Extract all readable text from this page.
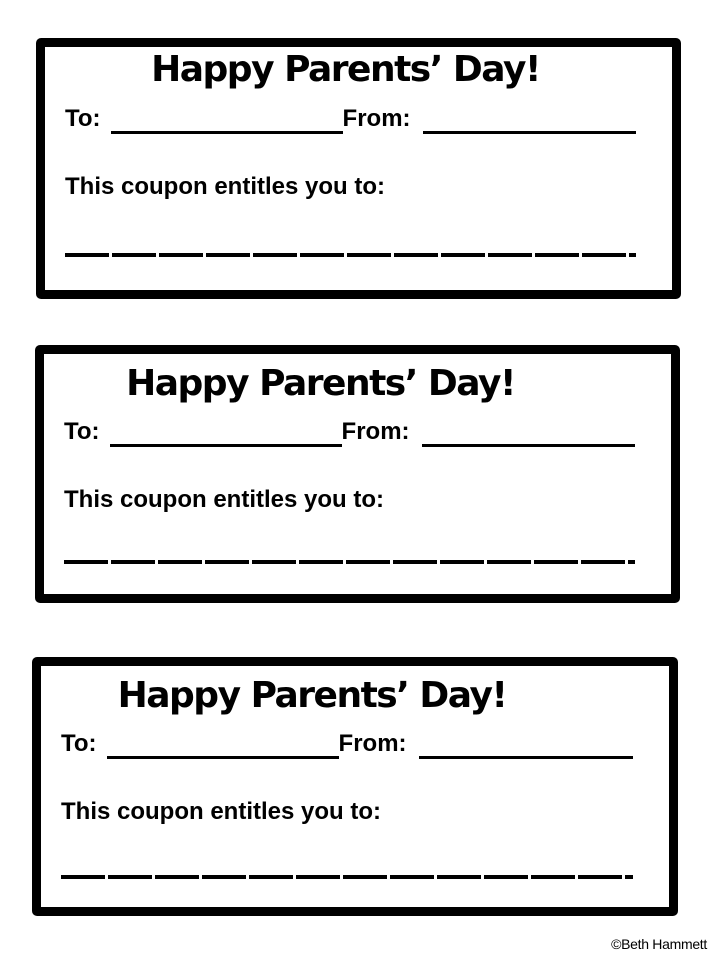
Happy Parents’ Day!
To:	From:
This coupon entitles you to:
Happy Parents’ Day!
To:	From:
This coupon entitles you to:
Happy Parents’ Day!
To:	From:
This coupon entitles you to:
©Beth Hammett
